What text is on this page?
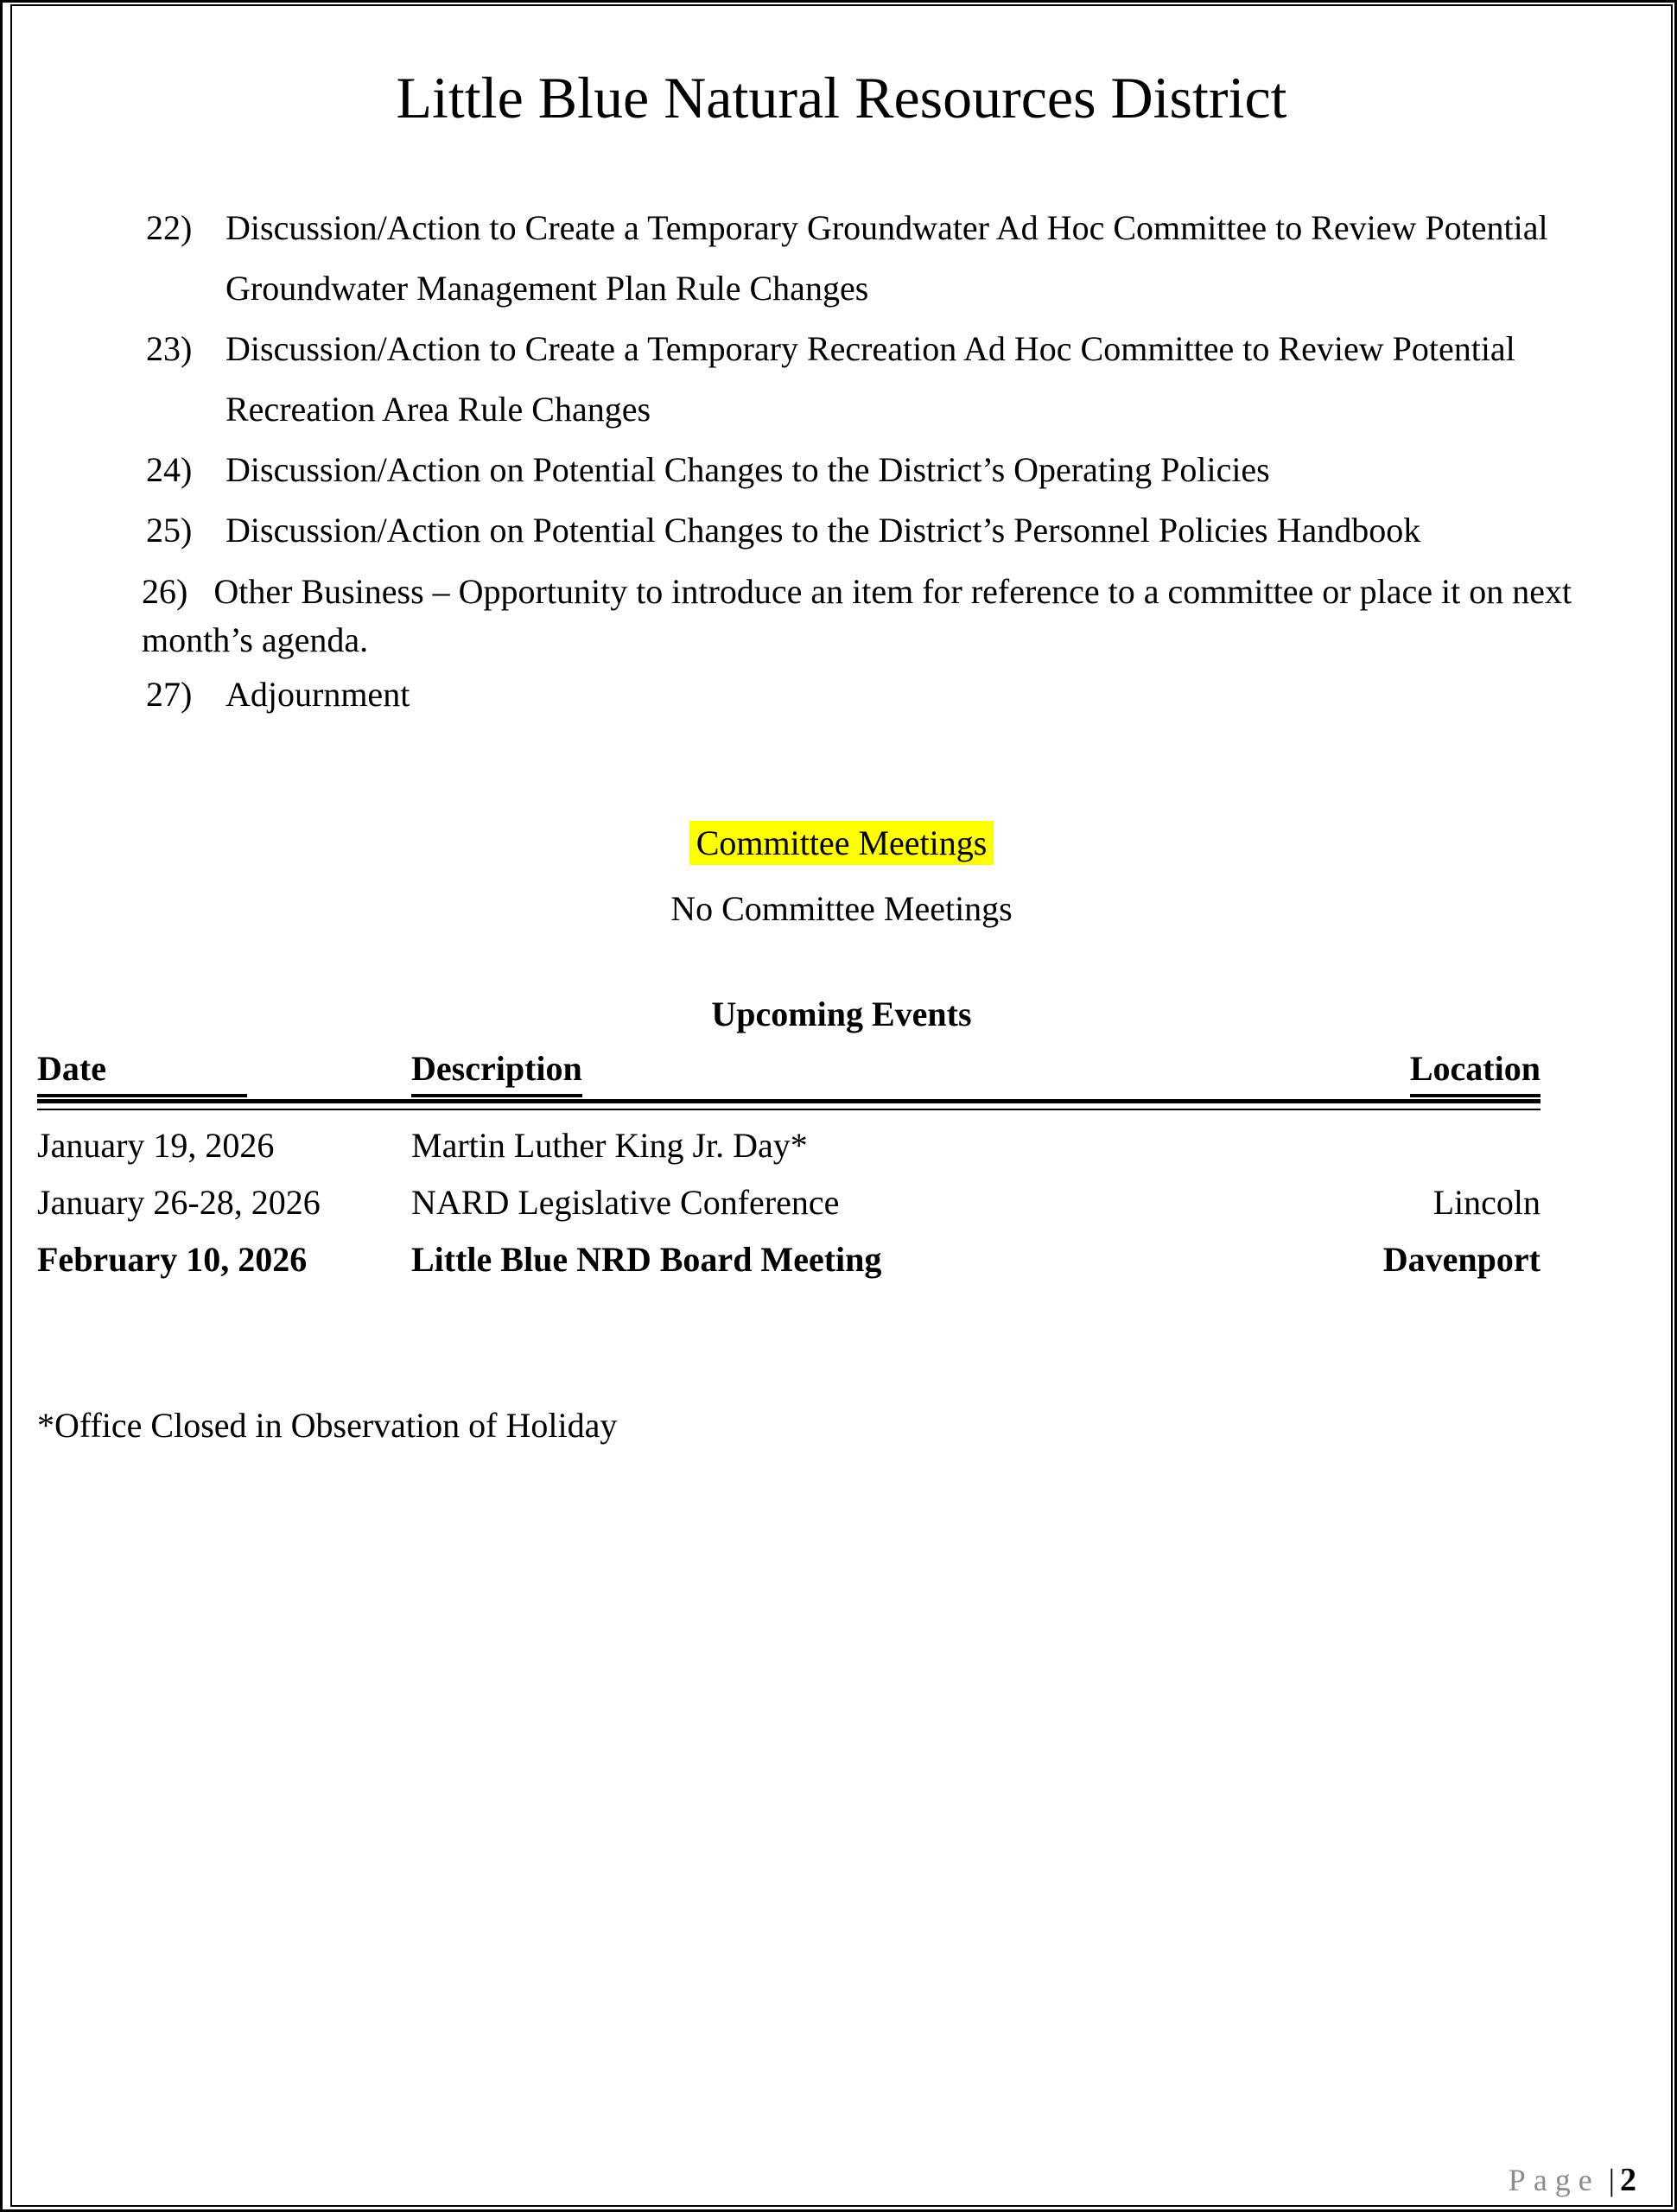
Little Blue Natural Resources District
22) Discussion/Action to Create a Temporary Groundwater Ad Hoc Committee to Review Potential
Groundwater Management Plan Rule Changes
23) Discussion/Action to Create a Temporary Recreation Ad Hoc Committee to Review Potential
Recreation Area Rule Changes
24) Discussion/Action on Potential Changes to the District’s Operating Policies
25) Discussion/Action on Potential Changes to the District’s Personnel Policies Handbook
26)   Other Business – Opportunity to introduce an item for reference to a committee or place it on next
month’s agenda.
27) Adjournment
Committee Meetings
No Committee Meetings
Upcoming Events
Date	Description	Location
January 19, 2026	Martin Luther King Jr. Day*
January 26-28, 2026	NARD Legislative Conference	Lincoln
February 10, 2026	Little Blue NRD Board Meeting	Davenport
*Office Closed in Observation of Holiday
Page | 2
